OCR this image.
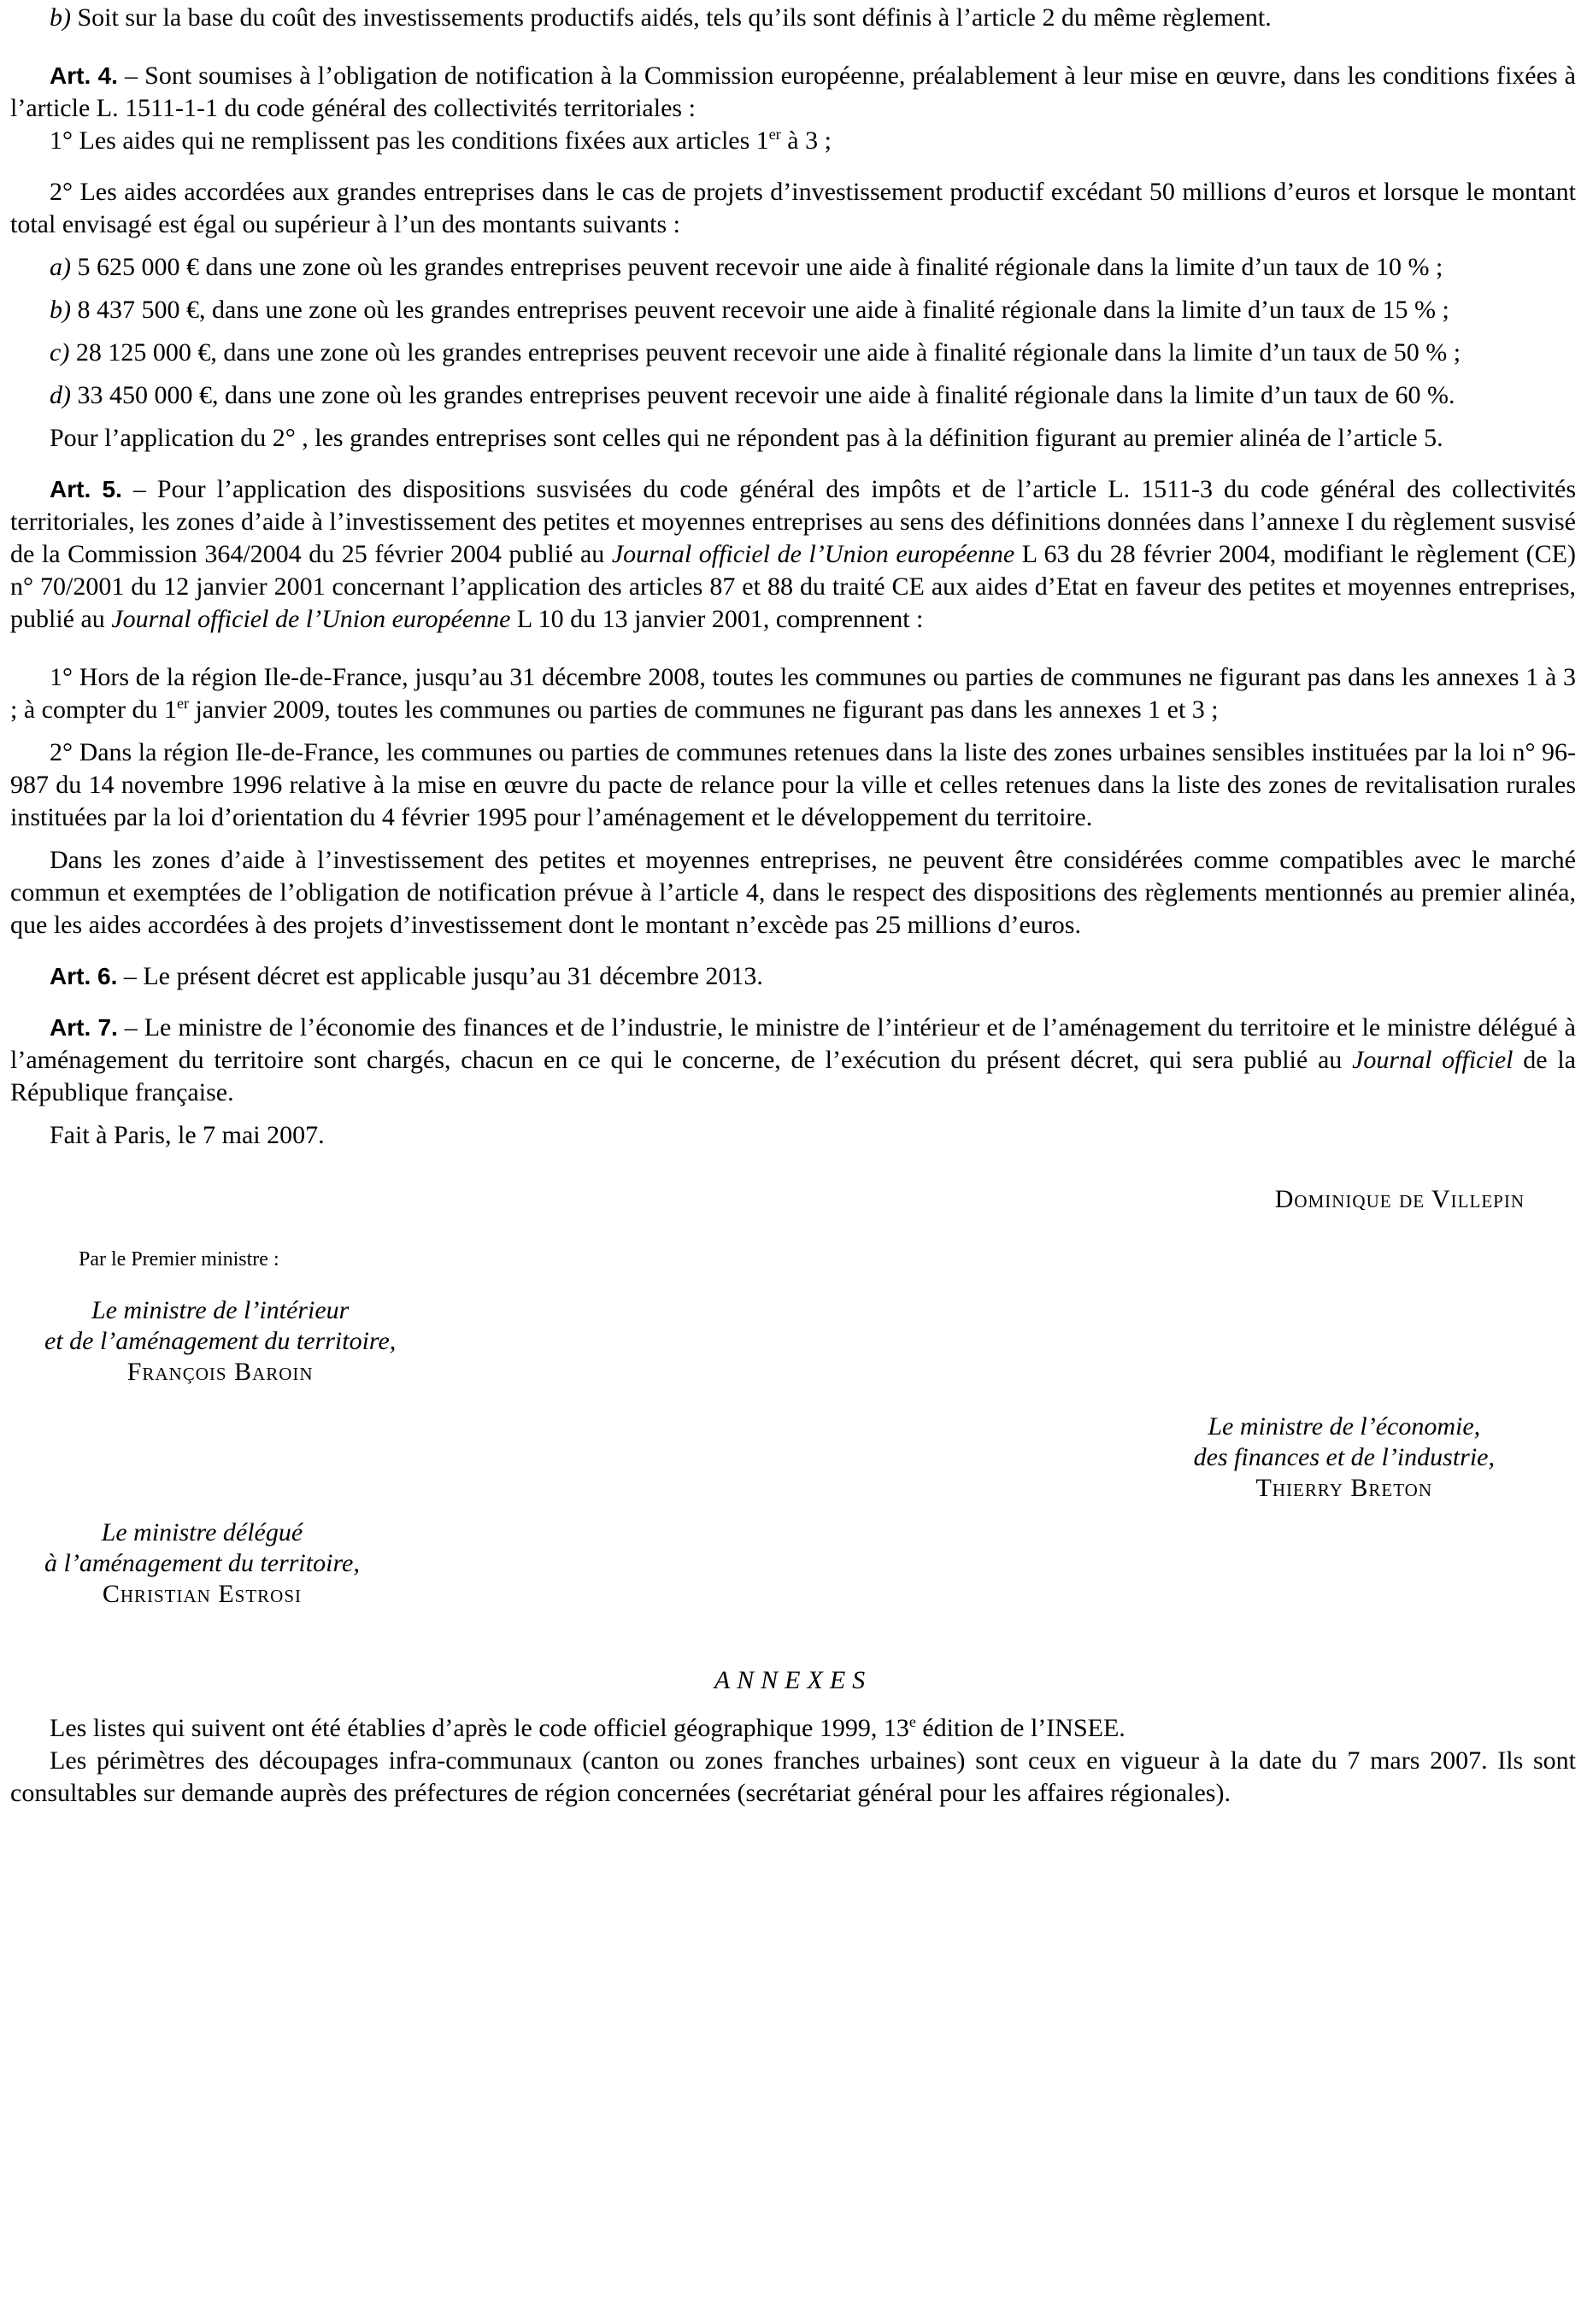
b) Soit sur la base du coût des investissements productifs aidés, tels qu’ils sont définis à l’article 2 du même règlement.

Art. 4. – Sont soumises à l’obligation de notification à la Commission européenne, préalablement à leur mise en œuvre, dans les conditions fixées à l’article L. 1511-1-1 du code général des collectivités territoriales :

1° Les aides qui ne remplissent pas les conditions fixées aux articles 1er à 3 ;

2° Les aides accordées aux grandes entreprises dans le cas de projets d’investissement productif excédant 50 millions d’euros et lorsque le montant total envisagé est égal ou supérieur à l’un des montants suivants :

a) 5 625 000 € dans une zone où les grandes entreprises peuvent recevoir une aide à finalité régionale dans la limite d’un taux de 10 % ;

b) 8 437 500 €, dans une zone où les grandes entreprises peuvent recevoir une aide à finalité régionale dans la limite d’un taux de 15 % ;

c) 28 125 000 €, dans une zone où les grandes entreprises peuvent recevoir une aide à finalité régionale dans la limite d’un taux de 50 % ;

d) 33 450 000 €, dans une zone où les grandes entreprises peuvent recevoir une aide à finalité régionale dans la limite d’un taux de 60 %.

Pour l’application du 2° , les grandes entreprises sont celles qui ne répondent pas à la définition figurant au premier alinéa de l’article 5.

Art. 5. – Pour l’application des dispositions susvisées du code général des impôts et de l’article L. 1511-3 du code général des collectivités territoriales, les zones d’aide à l’investissement des petites et moyennes entreprises au sens des définitions données dans l’annexe I du règlement susvisé de la Commission 364/2004 du 25 février 2004 publié au Journal officiel de l’Union européenne L 63 du 28 février 2004, modifiant le règlement (CE) n° 70/2001 du 12 janvier 2001 concernant l’application des articles 87 et 88 du traité CE aux aides d’Etat en faveur des petites et moyennes entreprises, publié au Journal officiel de l’Union européenne L 10 du 13 janvier 2001, comprennent :

1° Hors de la région Ile-de-France, jusqu’au 31 décembre 2008, toutes les communes ou parties de communes ne figurant pas dans les annexes 1 à 3 ; à compter du 1er janvier 2009, toutes les communes ou parties de communes ne figurant pas dans les annexes 1 et 3 ;

2° Dans la région Ile-de-France, les communes ou parties de communes retenues dans la liste des zones urbaines sensibles instituées par la loi n° 96-987 du 14 novembre 1996 relative à la mise en œuvre du pacte de relance pour la ville et celles retenues dans la liste des zones de revitalisation rurales instituées par la loi d’orientation du 4 février 1995 pour l’aménagement et le développement du territoire.

Dans les zones d’aide à l’investissement des petites et moyennes entreprises, ne peuvent être considérées comme compatibles avec le marché commun et exemptées de l’obligation de notification prévue à l’article 4, dans le respect des dispositions des règlements mentionnés au premier alinéa, que les aides accordées à des projets d’investissement dont le montant n’excède pas 25 millions d’euros.

Art. 6. – Le présent décret est applicable jusqu’au 31 décembre 2013.

Art. 7. – Le ministre de l’économie des finances et de l’industrie, le ministre de l’intérieur et de l’aménagement du territoire et le ministre délégué à l’aménagement du territoire sont chargés, chacun en ce qui le concerne, de l’exécution du présent décret, qui sera publié au Journal officiel de la République française.

Fait à Paris, le 7 mai 2007.

Dominique de Villepin
Par le Premier ministre :
Le ministre de l’intérieur
et de l’aménagement du territoire,
François Baroin
Le ministre de l’économie,
des finances et de l’industrie,
Thierry Breton
Le ministre délégué
à l’aménagement du territoire,
Christian Estrosi
ANNEXES

Les listes qui suivent ont été établies d’après le code officiel géographique 1999, 13e édition de l’INSEE.

Les périmètres des découpages infra-communaux (canton ou zones franches urbaines) sont ceux en vigueur à la date du 7 mars 2007. Ils sont consultables sur demande auprès des préfectures de région concernées (secrétariat général pour les affaires régionales).
